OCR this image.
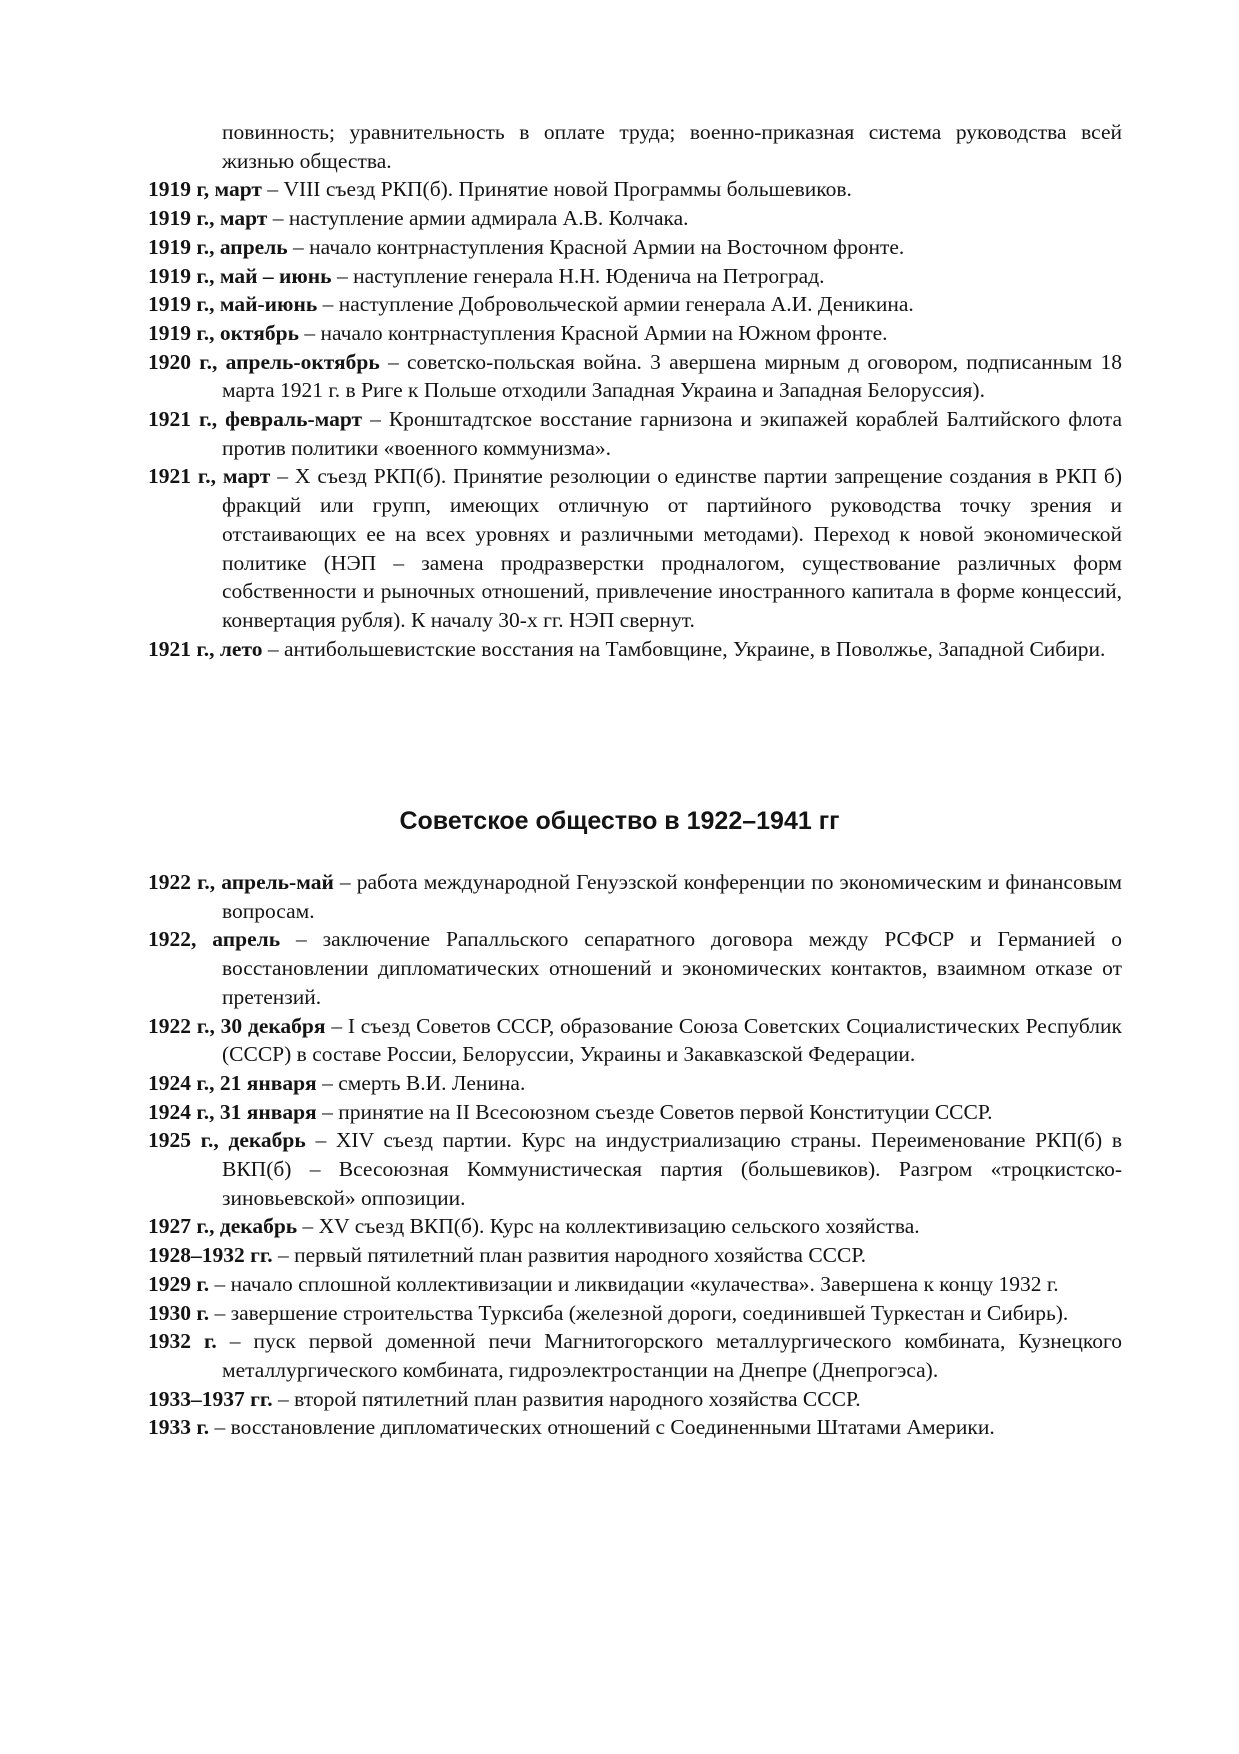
повинность; уравнительность в оплате труда; военно-приказная система руководства всей жизнью общества.
1919 г, март – VIII съезд РКП(б). Принятие новой Программы большевиков.
1919 г., март – наступление армии адмирала А.В. Колчака.
1919 г., апрель – начало контрнаступления Красной Армии на Восточном фронте.
1919 г., май – июнь – наступление генерала Н.Н. Юденича на Петроград.
1919 г., май-июнь – наступление Добровольческой армии генерала А.И. Деникина.
1919 г., октябрь – начало контрнаступления Красной Армии на Южном фронте.
1920 г., апрель-октябрь – советско-польская война. 3 авершена мирным д оговором, подписанным 18 марта 1921 г. в Риге к Польше отходили Западная Украина и Западная Белоруссия).
1921 г., февраль-март – Кронштадтское восстание гарнизона и экипажей кораблей Балтийского флота против политики «военного коммунизма».
1921 г., март – X съезд РКП(б). Принятие резолюции о единстве партии запрещение создания в РКП б) фракций или групп, имеющих отличную от партийного руководства точку зрения и отстаивающих ее на всех уровнях и различными методами). Переход к новой экономической политике (НЭП – замена продразверстки продналогом, существование различных форм собственности и рыночных отношений, привлечение иностранного капитала в форме концессий, конвертация рубля). К началу 30-х гг. НЭП свернут.
1921 г., лето – антибольшевистские восстания на Тамбовщине, Украине, в Поволжье, Западной Сибири.
Советское общество в 1922–1941 гг
1922 г., апрель-май – работа международной Генуэзской конференции по экономическим и финансовым вопросам.
1922, апрель – заключение Рапалльского сепаратного договора между РСФСР и Германией о восстановлении дипломатических отношений и экономических контактов, взаимном отказе от претензий.
1922 г., 30 декабря – I съезд Советов СССР, образование Союза Советских Социалистических Республик (СССР) в составе России, Белоруссии, Украины и Закавказской Федерации.
1924 г., 21 января – смерть В.И. Ленина.
1924 г., 31 января – принятие на II Всесоюзном съезде Советов первой Конституции СССР.
1925 г., декабрь – XIV съезд партии. Курс на индустриализацию страны. Переименование РКП(б) в ВКП(б) – Всесоюзная Коммунистическая партия (большевиков). Разгром «троцкистско-зиновьевской» оппозиции.
1927 г., декабрь – XV съезд ВКП(б). Курс на коллективизацию сельского хозяйства.
1928–1932 гг. – первый пятилетний план развития народного хозяйства СССР.
1929 г. – начало сплошной коллективизации и ликвидации «кулачества». Завершена к концу 1932 г.
1930 г. – завершение строительства Турксиба (железной дороги, соединившей Туркестан и Сибирь).
1932 г. – пуск первой доменной печи Магнитогорского металлургического комбината, Кузнецкого металлургического комбината, гидроэлектростанции на Днепре (Днепрогэса).
1933–1937 гг. – второй пятилетний план развития народного хозяйства СССР.
1933 г. – восстановление дипломатических отношений с Соединенными Штатами Америки.
